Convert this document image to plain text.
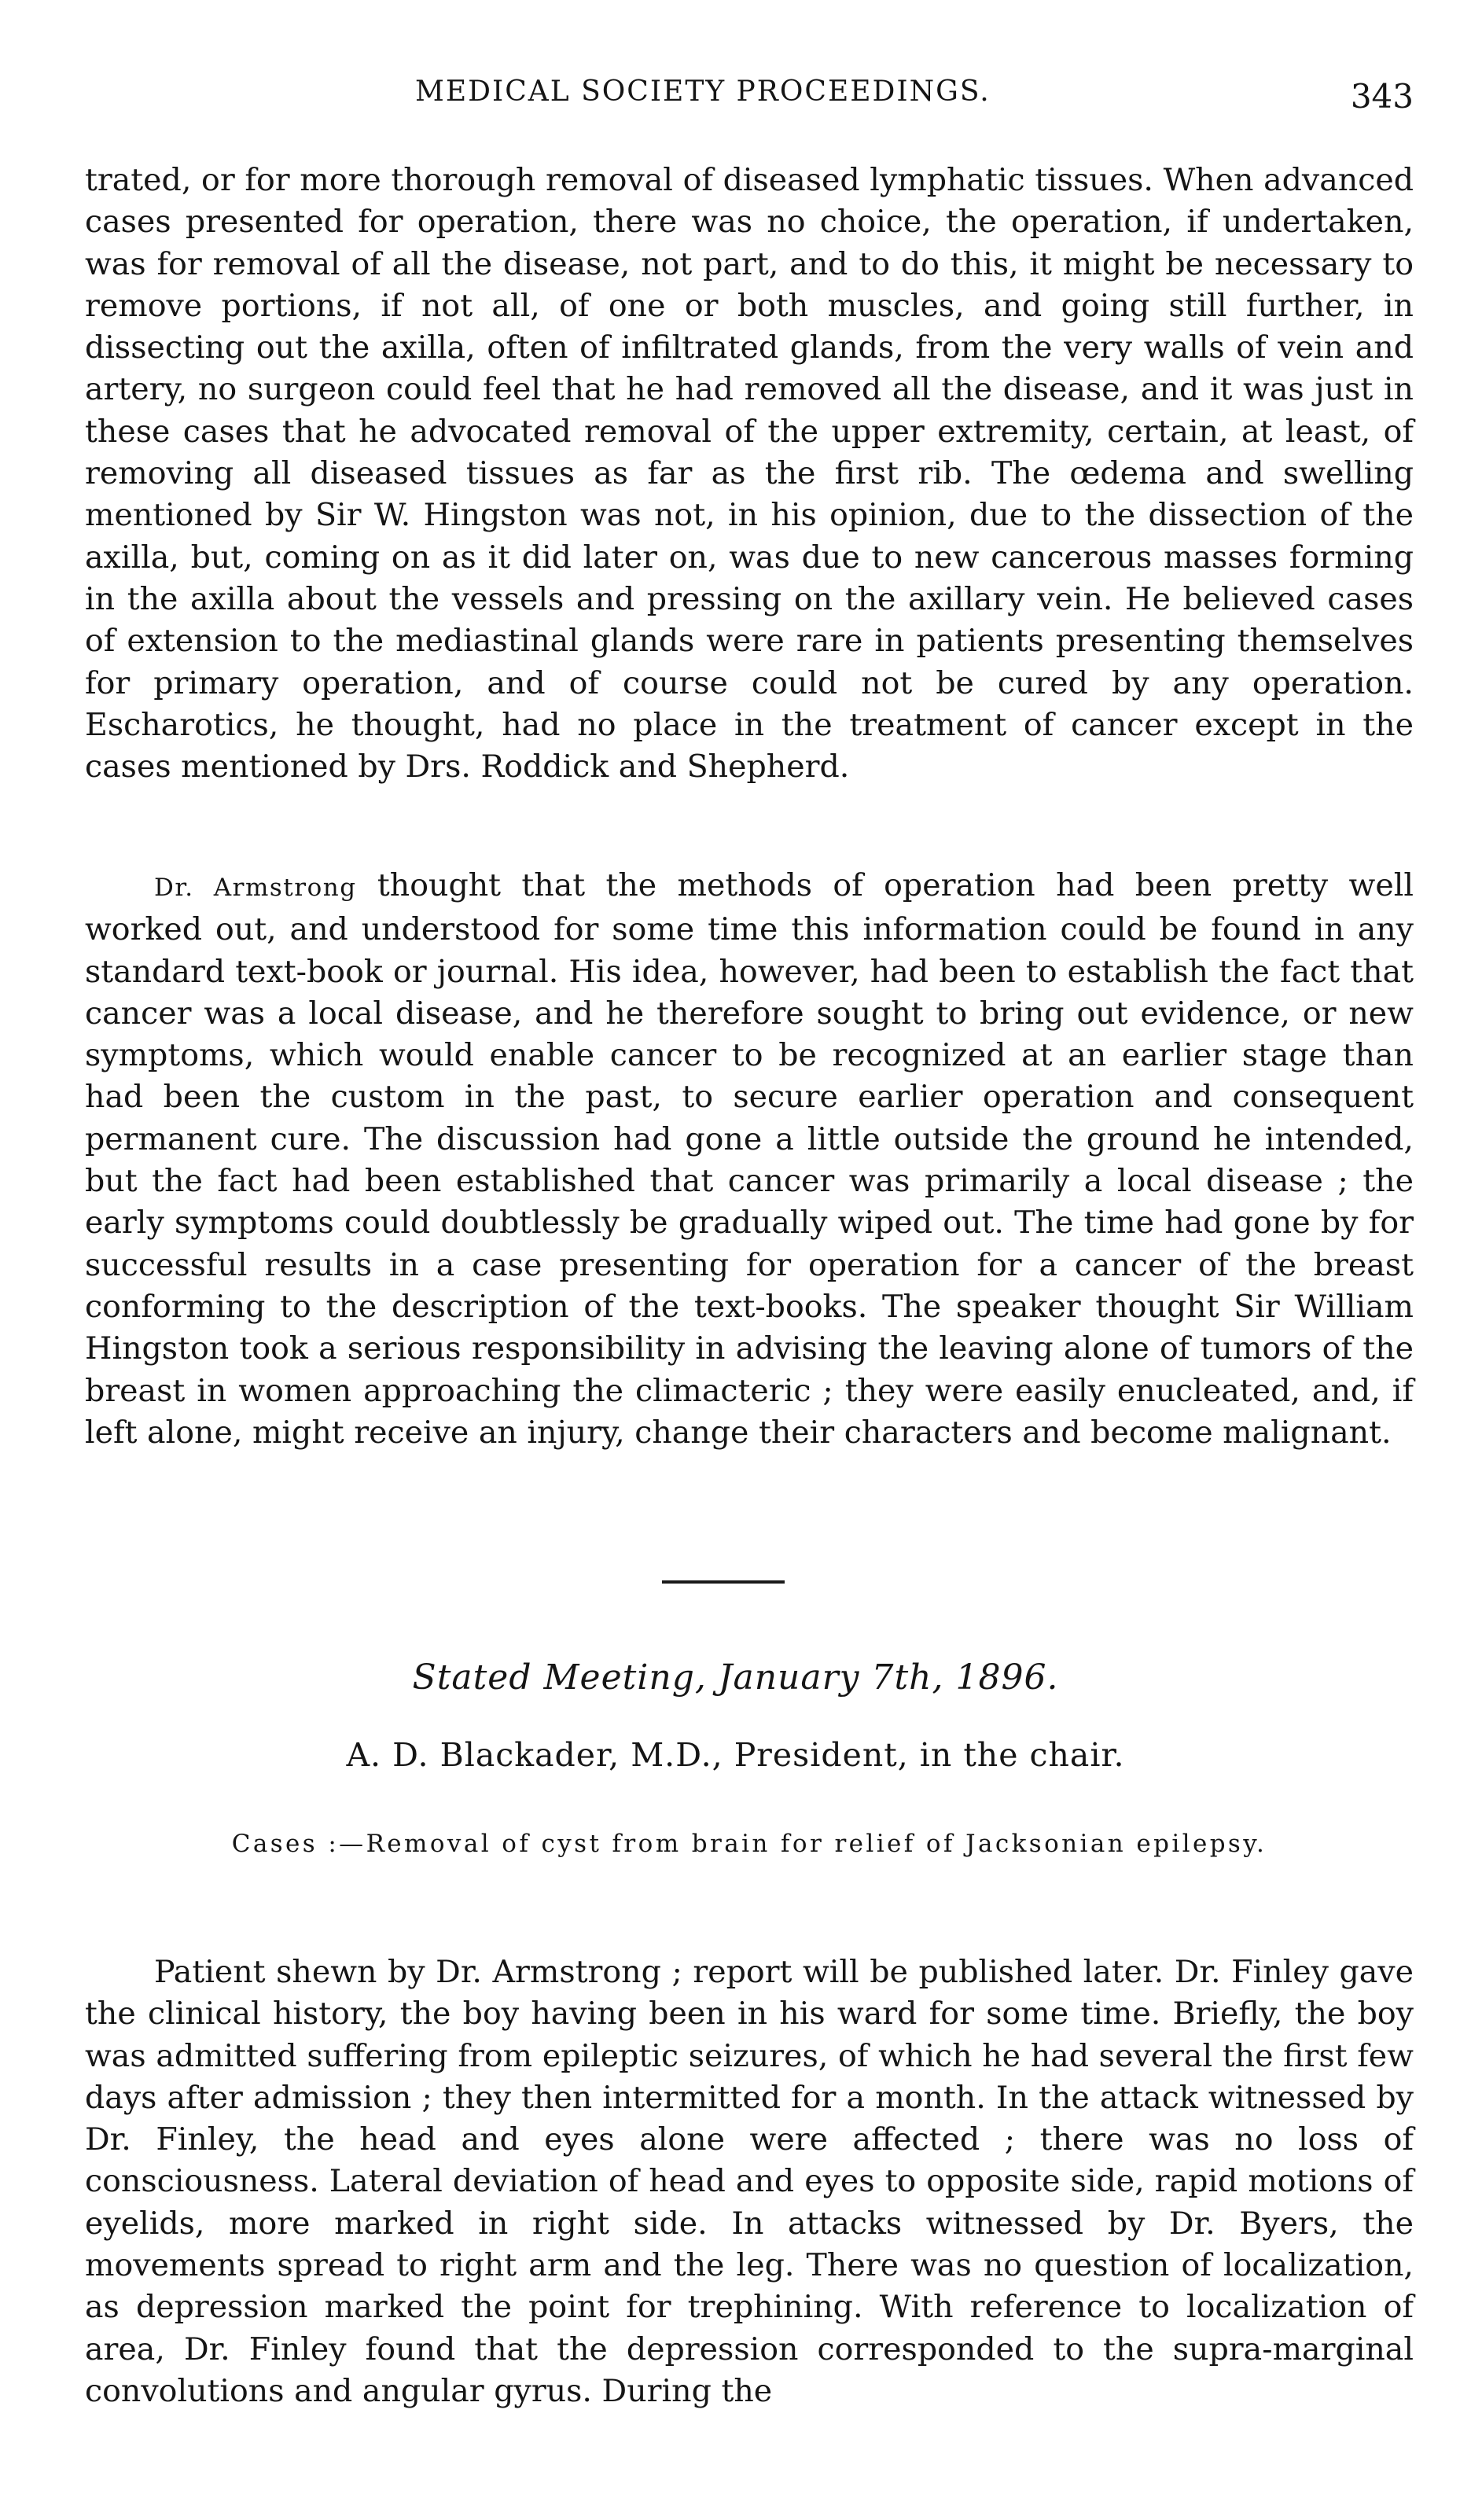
MEDICAL SOCIETY PROCEEDINGS.	343

trated, or for more thorough removal of diseased lymphatic tissues. When advanced cases presented for operation, there was no choice, the operation, if undertaken, was for removal of all the disease, not part, and to do this, it might be necessary to remove portions, if not all, of one or both muscles, and going still further, in dissecting out the axilla, often of infiltrated glands, from the very walls of vein and artery, no surgeon could feel that he had removed all the disease, and it was just in these cases that he advocated removal of the upper extremity, certain, at least, of removing all diseased tissues as far as the first rib. The œdema and swelling mentioned by Sir W. Hingston was not, in his opinion, due to the dissection of the axilla, but, coming on as it did later on, was due to new cancerous masses forming in the axilla about the vessels and pressing on the axillary vein. He believed cases of extension to the mediastinal glands were rare in patients presenting themselves for primary operation, and of course could not be cured by any operation. Escharotics, he thought, had no place in the treatment of cancer except in the cases mentioned by Drs. Roddick and Shepherd.

Dr. Armstrong thought that the methods of operation had been pretty well worked out, and understood for some time this information could be found in any standard text-book or journal. His idea, however, had been to establish the fact that cancer was a local disease, and he therefore sought to bring out evidence, or new symptoms, which would enable cancer to be recognized at an earlier stage than had been the custom in the past, to secure earlier operation and consequent permanent cure. The discussion had gone a little outside the ground he intended, but the fact had been established that cancer was primarily a local disease ; the early symptoms could doubtlessly be gradually wiped out. The time had gone by for successful results in a case presenting for operation for a cancer of the breast conforming to the description of the text-books. The speaker thought Sir William Hingston took a serious responsibility in advising the leaving alone of tumors of the breast in women approaching the climacteric ; they were easily enucleated, and, if left alone, might receive an injury, change their characters and become malignant.

Stated Meeting, January 7th, 1896.
A. D. Blackader, M.D., President, in the chair.
Cases :—Removal of cyst from brain for relief of Jacksonian epilepsy.

Patient shewn by Dr. Armstrong ; report will be published later. Dr. Finley gave the clinical history, the boy having been in his ward for some time. Briefly, the boy was admitted suffering from epileptic seizures, of which he had several the first few days after admission ; they then intermitted for a month. In the attack witnessed by Dr. Finley, the head and eyes alone were affected ; there was no loss of consciousness. Lateral deviation of head and eyes to opposite side, rapid motions of eyelids, more marked in right side. In attacks witnessed by Dr. Byers, the movements spread to right arm and the leg. There was no question of localization, as depression marked the point for trephining. With reference to localization of area, Dr. Finley found that the depression corresponded to the supra-marginal convolutions and angular gyrus. During the
